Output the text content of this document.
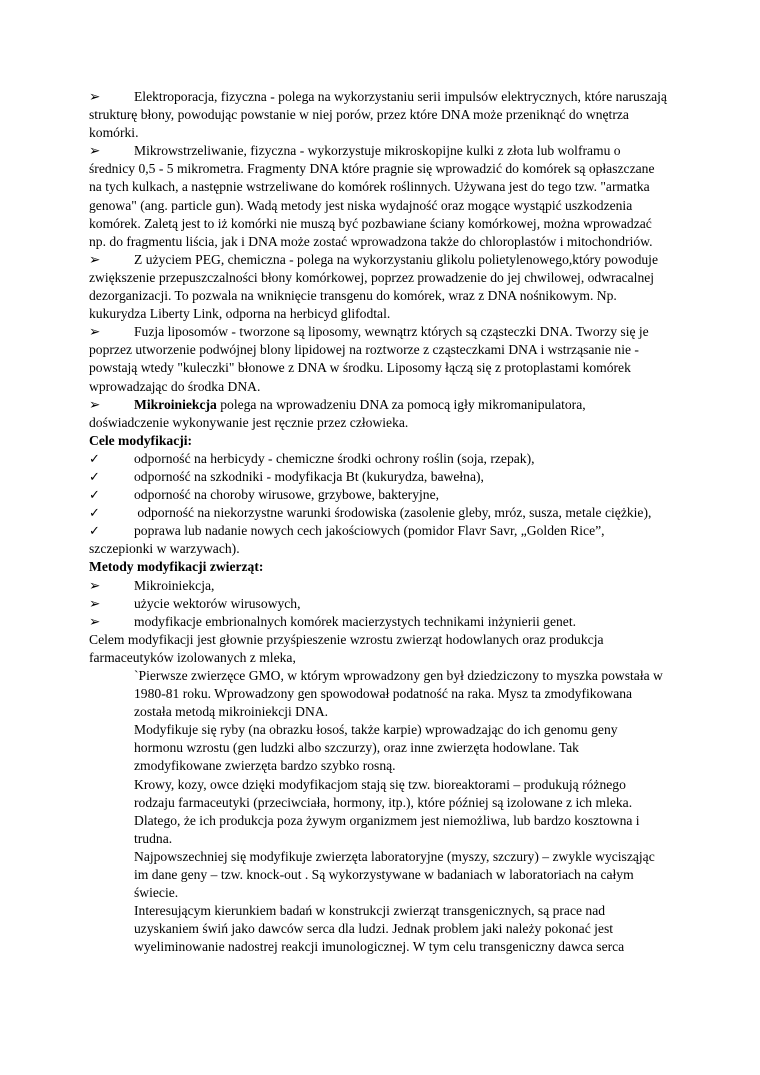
➢ Elektroporacja, fizyczna - polega na wykorzystaniu serii impulsów elektrycznych, które naruszają strukturę błony, powodując powstanie w niej porów, przez które DNA może przeniknąć do wnętrza komórki.

➢ Mikrowstrzeliwanie, fizyczna - wykorzystuje mikroskopijne kulki z złota lub wolframu o średnicy 0,5 - 5 mikrometra. Fragmenty DNA które pragnie się wprowadzić do komórek są opłaszczane na tych kulkach, a następnie wstrzeliwane do komórek roślinnych. Używana jest do tego tzw. "armatka genowa" (ang. particle gun). Wadą metody jest niska wydajność oraz mogące wystąpić uszkodzenia komórek. Zaletą jest to iż komórki nie muszą być pozbawiane ściany komórkowej, można wprowadzać np. do fragmentu liścia, jak i DNA może zostać wprowadzona także do chloroplastów i mitochondriów.

➢ Z użyciem PEG, chemiczna - polega na wykorzystaniu glikolu polietylenowego,który powoduje zwiększenie przepuszczalności błony komórkowej, poprzez prowadzenie do jej chwilowej, odwracalnej dezorganizacji. To pozwala na wniknięcie transgenu do komórek, wraz z DNA nośnikowym. Np. kukurydza Liberty Link, odporna na herbicyd glifodtal.

➢ Fuzja liposomów - tworzone są liposomy, wewnątrz których są cząsteczki DNA. Tworzy się je poprzez utworzenie podwójnej blony lipidowej na roztworze z cząsteczkami DNA i wstrząsanie nie - powstają wtedy "kuleczki" błonowe z DNA w środku. Liposomy łączą się z protoplastami komórek wprowadzając do środka DNA.

➢ Mikroiniekcja polega na wprowadzeniu DNA za pomocą igły mikromanipulatora, doświadczenie wykonywanie jest ręcznie przez człowieka.

Cele modyfikacji:

✓	odporność na herbicydy - chemiczne środki ochrony roślin (soja, rzepak),

✓	odporność na szkodniki - modyfikacja Bt (kukurydza, bawełna),

✓	odporność na choroby wirusowe, grzybowe, bakteryjne,

✓	odporność na niekorzystne warunki środowiska (zasolenie gleby, mróz, susza, metale ciężkie),

✓	poprawa lub nadanie nowych cech jakościowych (pomidor Flavr Savr, „Golden Rice”, szczepionki w warzywach).

Metody modyfikacji zwierząt:

➢ Mikroiniekcja,

➢ użycie wektorów wirusowych,

➢ modyfikacje embrionalnych komórek macierzystych technikami inżynierii genet.

Celem modyfikacji jest głownie przyśpieszenie wzrostu zwierząt hodowlanych oraz produkcja farmaceutyków izolowanych z mleka,

`Pierwsze zwierzęce GMO, w którym wprowadzony gen był dziedziczony to myszka powstała w 1980-81 roku. Wprowadzony gen spowodował podatność na raka. Mysz ta zmodyfikowana została metodą mikroiniekcji DNA.

Modyfikuje się ryby (na obrazku łosoś, także karpie) wprowadzając do ich genomu geny hormonu wzrostu (gen ludzki albo szczurzy), oraz inne zwierzęta hodowlane. Tak zmodyfikowane zwierzęta bardzo szybko rosną.

Krowy, kozy, owce dzięki modyfikacjom stają się tzw. bioreaktorami – produkują różnego rodzaju farmaceutyki (przeciwciała, hormony, itp.), które później są izolowane z ich mleka. Dlatego, że ich produkcja poza żywym organizmem jest niemożliwa, lub bardzo kosztowna i trudna.

Najpowszechniej się modyfikuje zwierzęta laboratoryjne (myszy, szczury) – zwykle wycisząjąc im dane geny – tzw. knock-out . Są wykorzystywane w badaniach w laboratoriach na całym świecie.

Interesującym kierunkiem badań w konstrukcji zwierząt transgenicznych, są prace nad uzyskaniem świń jako dawców serca dla ludzi. Jednak problem jaki należy pokonać jest wyeliminowanie nadostrej reakcji imunologicznej. W tym celu transgeniczny dawca serca
